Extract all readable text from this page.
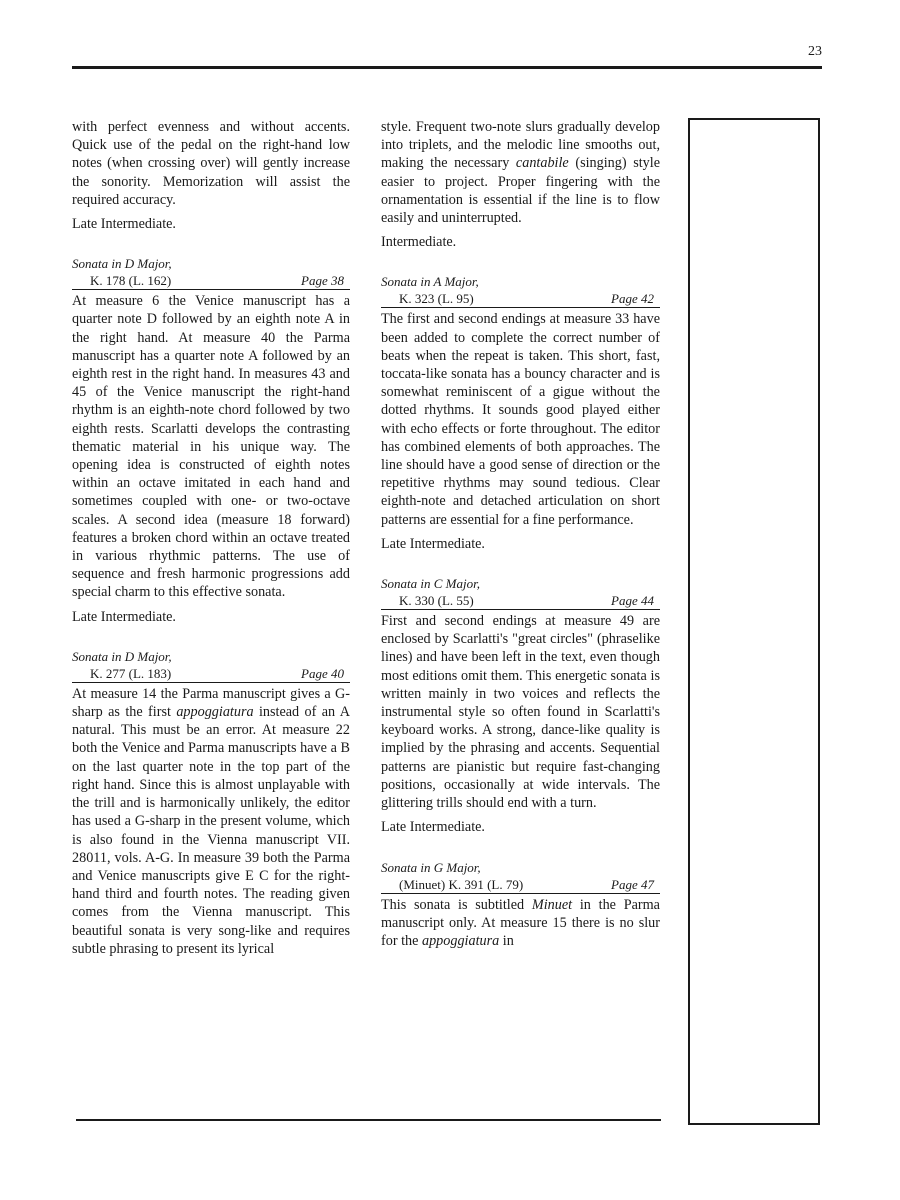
23

with perfect evenness and without accents. Quick use of the pedal on the right-hand low notes (when crossing over) will gently increase the sonority. Memorization will assist the required accuracy.

Late Intermediate.

Sonata in D Major,
K. 178 (L. 162)	Page 38

At measure 6 the Venice manuscript has a quarter note D followed by an eighth note A in the right hand. At measure 40 the Parma manuscript has a quarter note A followed by an eighth rest in the right hand. In measures 43 and 45 of the Venice manuscript the right-hand rhythm is an eighth-note chord followed by two eighth rests. Scarlatti develops the contrasting thematic material in his unique way. The opening idea is constructed of eighth notes within an octave imitated in each hand and sometimes coupled with one- or two-octave scales. A second idea (measure 18 forward) features a broken chord within an octave treated in various rhythmic patterns. The use of sequence and fresh harmonic progressions add special charm to this effective sonata.

Late Intermediate.

Sonata in D Major,
K. 277 (L. 183)	Page 40

At measure 14 the Parma manuscript gives a G-sharp as the first appoggiatura instead of an A natural. This must be an error. At measure 22 both the Venice and Parma manuscripts have a B on the last quarter note in the top part of the right hand. Since this is almost unplayable with the trill and is harmonically unlikely, the editor has used a G-sharp in the present volume, which is also found in the Vienna manuscript VII. 28011, vols. A-G. In measure 39 both the Parma and Venice manuscripts give E C for the right-hand third and fourth notes. The reading given comes from the Vienna manuscript. This beautiful sonata is very song-like and requires subtle phrasing to present its lyrical

style. Frequent two-note slurs gradually develop into triplets, and the melodic line smooths out, making the necessary cantabile (singing) style easier to project. Proper fingering with the ornamentation is essential if the line is to flow easily and uninterrupted.

Intermediate.

Sonata in A Major,
K. 323 (L. 95)	Page 42

The first and second endings at measure 33 have been added to complete the correct number of beats when the repeat is taken. This short, fast, toccata-like sonata has a bouncy character and is somewhat reminiscent of a gigue without the dotted rhythms. It sounds good played either with echo effects or forte throughout. The editor has combined elements of both approaches. The line should have a good sense of direction or the repetitive rhythms may sound tedious. Clear eighth-note and detached articulation on short patterns are essential for a fine performance.

Late Intermediate.

Sonata in C Major,
K. 330 (L. 55)	Page 44

First and second endings at measure 49 are enclosed by Scarlatti's "great circles" (phraselike lines) and have been left in the text, even though most editions omit them. This energetic sonata is written mainly in two voices and reflects the instrumental style so often found in Scarlatti's keyboard works. A strong, dance-like quality is implied by the phrasing and accents. Sequential patterns are pianistic but require fast-changing positions, occasionally at wide intervals. The glittering trills should end with a turn.

Late Intermediate.

Sonata in G Major,
(Minuet) K. 391 (L. 79)	Page 47

This sonata is subtitled Minuet in the Parma manuscript only. At measure 15 there is no slur for the appoggiatura in
